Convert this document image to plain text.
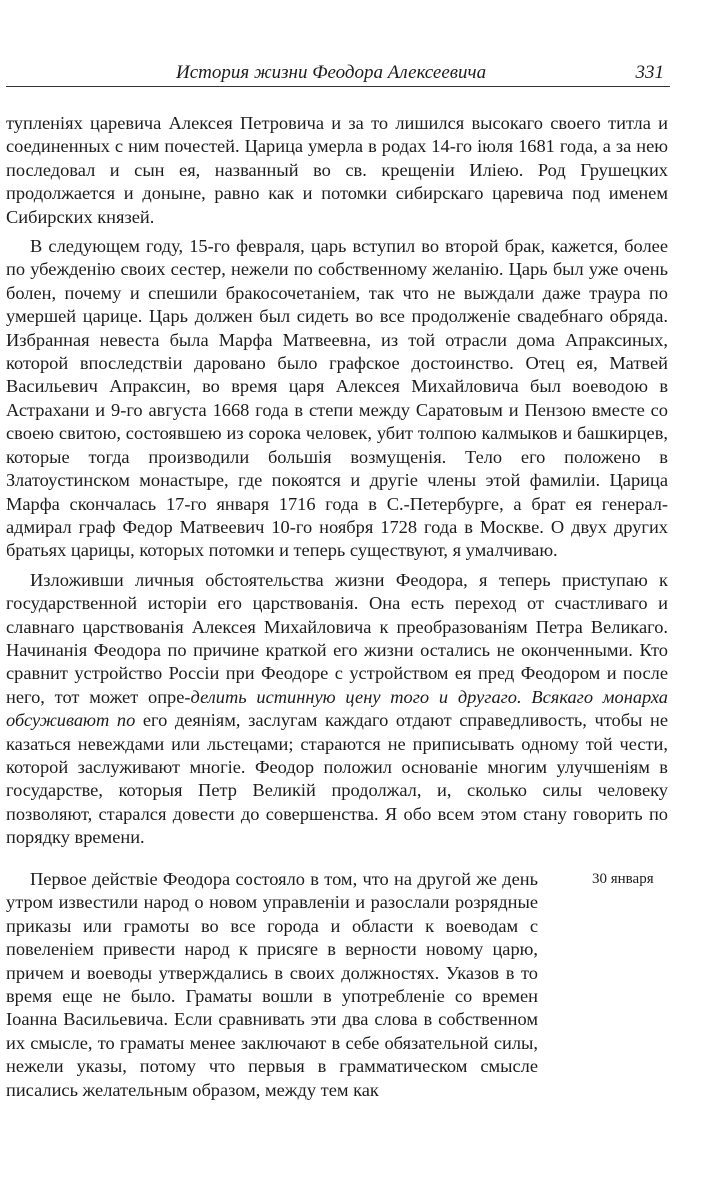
История жизни Феодора Алексеевича	331

тупленіях царевича Алексея Петровича и за то лишился высокаго своего титла и соединенных с ним почестей. Царица умерла в родах 14-го іюля 1681 года, а за нею последовал и сын ея, названный во св. крещеніи Иліею. Род Грушецких продолжается и доныне, равно как и потомки сибирскаго царевича под именем Сибирских князей.

В следующем году, 15-го февраля, царь вступил во второй брак, кажется, более по убежденію своих сестер, нежели по собственному желанію. Царь был уже очень болен, почему и спешили бракосочетаніем, так что не выждали даже траура по умершей царице. Царь должен был сидеть во все продолженіе свадебнаго обряда. Избранная невеста была Марфа Матвеевна, из той отрасли дома Апраксиных, которой впоследствіи даровано было графское достоинство. Отец ея, Матвей Васильевич Апраксин, во время царя Алексея Михайловича был воеводою в Астрахани и 9-го августа 1668 года в степи между Саратовым и Пензою вместе со своею свитою, состоявшею из сорока человек, убит толпою калмыков и башкирцев, которые тогда производили большія возмущенія. Тело его положено в Златоустинском монастыре, где покоятся и другіе члены этой фамиліи. Царица Марфа скончалась 17-го января 1716 года в С.-Петербурге, а брат ея генерал-адмирал граф Федор Матвеевич 10-го ноября 1728 года в Москве. О двух других братьях царицы, которых потомки и теперь существуют, я умалчиваю.

Изложивши личныя обстоятельства жизни Феодора, я теперь приступаю к государственной исторіи его царствованія. Она есть переход от счастливаго и славнаго царствованія Алексея Михайловича к преобразованіям Петра Великаго. Начинанія Феодора по причине краткой его жизни остались не оконченными. Кто сравнит устройство Россіи при Феодоре с устройством ея пред Феодором и после него, тот может опре-делить истинную цену того и другаго. Всякаго монарха обсуживают по его деяніям, заслугам каждаго отдают справедливость, чтобы не казаться невеждами или льстецами; стараются не приписывать одному той чести, которой заслуживают многіе. Феодор положил основаніе многим улучшеніям в государстве, которыя Петр Великій продолжал, и, сколько силы человеку позволяют, старался довести до совершенства. Я обо всем этом стану говорить по порядку времени.

Первое действіе Феодора состояло в том, что на другой же день утром известили народ о новом управленіи и разослали розрядные приказы или грамоты во все города и области к воеводам с повеленіем привести народ к присяге в верности новому царю, причем и воеводы утверждались в своих должностях. Указов в то время еще не было. Граматы вошли в употребленіе со времен Іоанна Васильевича. Если сравнивать эти два слова в собственном их смысле, то граматы менее заключают в себе обязательной силы, нежели указы, потому что первыя в грамматическом смысле писались желательным образом, между тем как

30 января
